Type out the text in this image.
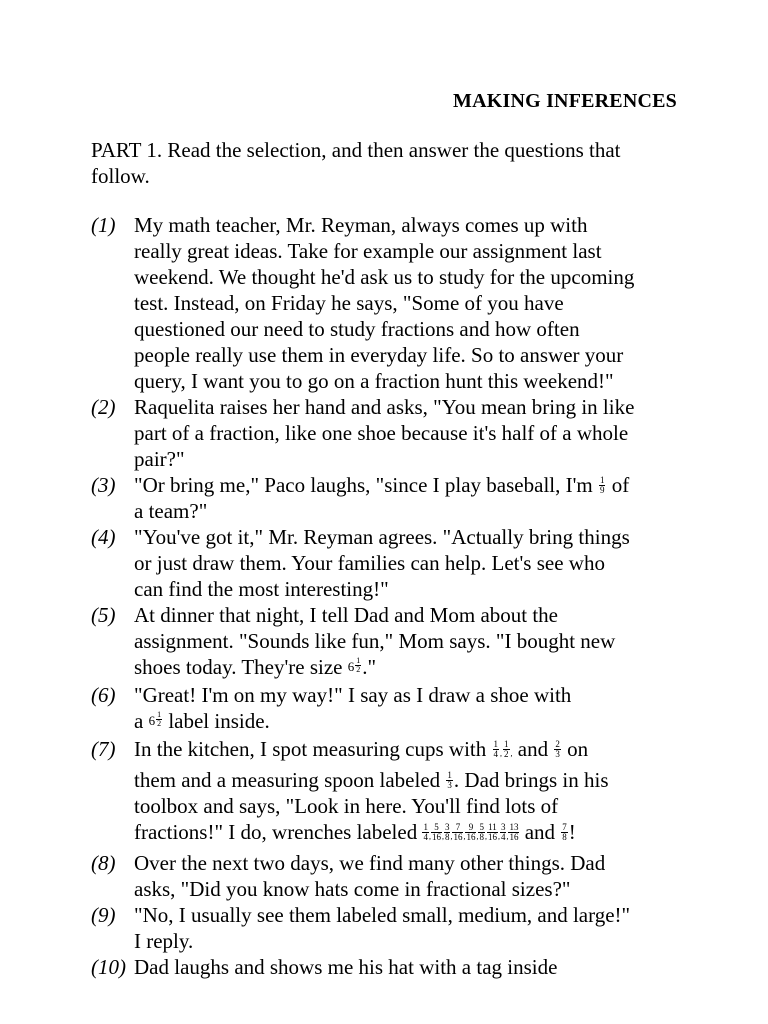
MAKING INFERENCES
PART 1. Read the selection, and then answer the questions that follow.
(1) My math teacher, Mr. Reyman, always comes up with
really great ideas. Take for example our assignment last
weekend. We thought he'd ask us to study for the upcoming
test. Instead, on Friday he says, "Some of you have
questioned our need to study fractions and how often
people really use them in everyday life. So to answer your
query, I want you to go on a fraction hunt this weekend!"
(2) Raquelita raises her hand and asks, "You mean bring in like
part of a fraction, like one shoe because it's half of a whole
pair?"
(3) "Or bring me," Paco laughs, "since I play baseball, $I'm \frac{1}{9}$ of
a team?"
(4) "You've got it," Mr. Reyman agrees. "Actually bring things
or just draw them. Your families can help. Let's see who
can find the most interesting!"
(5) At dinner that night, I tell Dad and Mom about the
assignment. "Sounds like fun," Mom says. "I bought new
shoes today. They're size $6 \frac{1}{2}$ ."
(6) "Great! I'm on my way!" I say as I draw a shoe with
a $6 \frac{1}{2}$ label inside.
(7) In the kitchen, I spot measuring cups with $\frac{1}{4}$ , $\frac{1}{2}$ , and $\frac{2}{3}$ on
them and a measuring spoon labeled $\frac{1}{3}$ . Dad brings in his
toolbox and says, "Look in here. You'll find lots of
fractions!" I do, wrenches labeled $\frac{1}{4}$ , $\frac{5}{16}$ , $\frac{3}{8}$ , $\frac{7}{16}$ , $\frac{9}{16}$ , $\frac{5}{8}$ , $\frac{11}{16}$ , $\frac{3}{4}$ , $\frac{13}{16}$ and $\frac{7}{8}$ !
(8) Over the next two days, we find many other things. Dad
asks, "Did you know hats come in fractional sizes?"
(9) "No, I usually see them labeled small, medium, and large!"
I reply.
(10) Dad laughs and shows me his hat with a tag inside
